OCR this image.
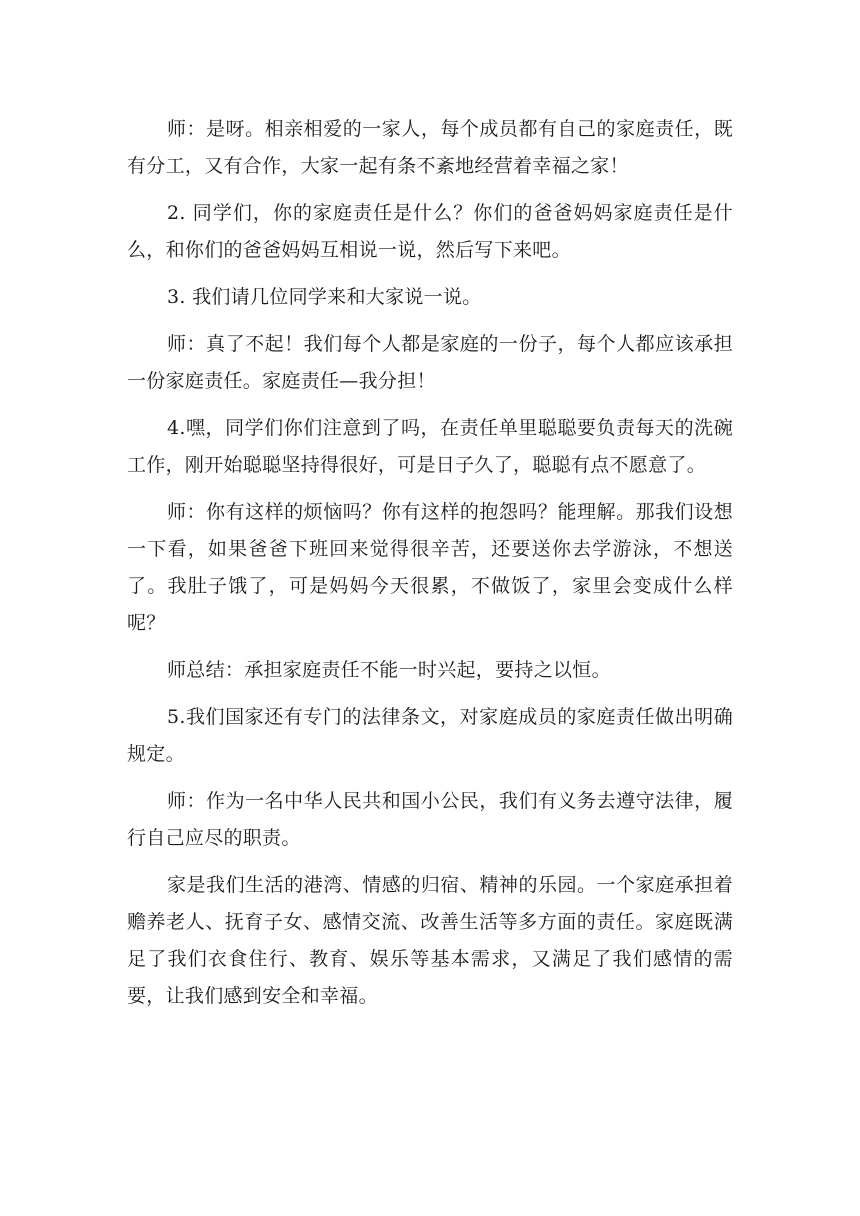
师：是呀。相亲相爱的一家人，每个成员都有自己的家庭责任，既有分工，又有合作，大家一起有条不紊地经营着幸福之家！

2. 同学们，你的家庭责任是什么？你们的爸爸妈妈家庭责任是什么，和你们的爸爸妈妈互相说一说，然后写下来吧。

3. 我们请几位同学来和大家说一说。

师：真了不起！我们每个人都是家庭的一份子，每个人都应该承担一份家庭责任。家庭责任—我分担！

4.嘿，同学们你们注意到了吗，在责任单里聪聪要负责每天的洗碗工作，刚开始聪聪坚持得很好，可是日子久了，聪聪有点不愿意了。

师：你有这样的烦恼吗？你有这样的抱怨吗？能理解。那我们设想一下看，如果爸爸下班回来觉得很辛苦，还要送你去学游泳，不想送了。我肚子饿了，可是妈妈今天很累，不做饭了，家里会变成什么样呢？

师总结：承担家庭责任不能一时兴起，要持之以恒。

5.我们国家还有专门的法律条文，对家庭成员的家庭责任做出明确规定。

师：作为一名中华人民共和国小公民，我们有义务去遵守法律，履行自己应尽的职责。

家是我们生活的港湾、情感的归宿、精神的乐园。一个家庭承担着赡养老人、抚育子女、感情交流、改善生活等多方面的责任。家庭既满足了我们衣食住行、教育、娱乐等基本需求，又满足了我们感情的需要，让我们感到安全和幸福。
